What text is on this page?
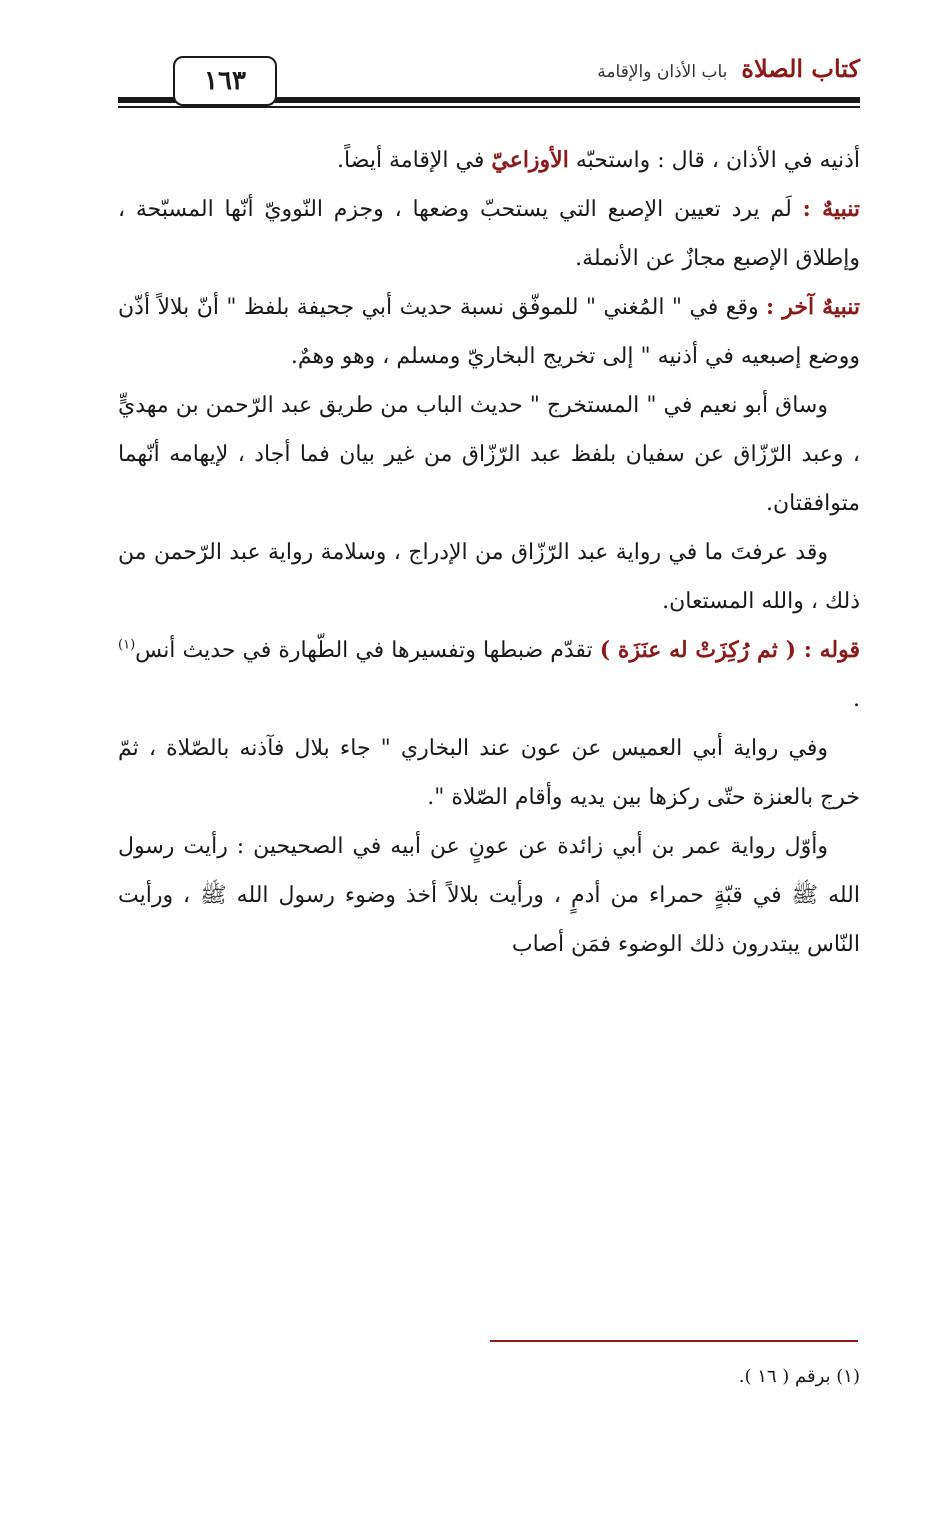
١٦٣	كتاب الصلاةباب الأذان والإقامة

أذنيه في الأذان ، قال : واستحبّه الأوزاعيّ في الإقامة أيضاً.

تنبيهٌ : لَم يرد تعيين الإصبع التي يستحبّ وضعها ، وجزم النّوويّ أنّها المسبّحة ، وإطلاق الإصبع مجازٌ عن الأنملة.

تنبيهٌ آخر : وقع في " المُغني " للموفّق نسبة حديث أبي جحيفة بلفظ " أنّ بلالاً أذّن ووضع إصبعيه في أذنيه " إلى تخريج البخاريّ ومسلم ، وهو وهمٌ.

وساق أبو نعيم في " المستخرج " حديث الباب من طريق عبد الرّحمن بن مهديٍّ ، وعبد الرّزّاق عن سفيان بلفظ عبد الرّزّاق من غير بيان فما أجاد ، لإيهامه أنّهما متوافقتان.

وقد عرفتَ ما في رواية عبد الرّزّاق من الإدراج ، وسلامة رواية عبد الرّحمن من ذلك ، والله المستعان.

قوله : ( ثم رُكِزَتْ له عنَزَة ) تقدّم ضبطها وتفسيرها في الطّهارة في حديث أنس$^{(١)}$ .

وفي رواية أبي العميس عن عون عند البخاري " جاء بلال فآذنه بالصّلاة ، ثمّ خرج بالعنزة حتّى ركزها بين يديه وأقام الصّلاة ".

وأوّل رواية عمر بن أبي زائدة عن عونٍ عن أبيه في الصحيحين : رأيت رسول الله ﷺ في قبّةٍ حمراء من أدمٍ ، ورأيت بلالاً أخذ وضوء رسول الله ﷺ ، ورأيت النّاس يبتدرون ذلك الوضوء فمَن أصاب

(١) برقم ( ١٦ ).
